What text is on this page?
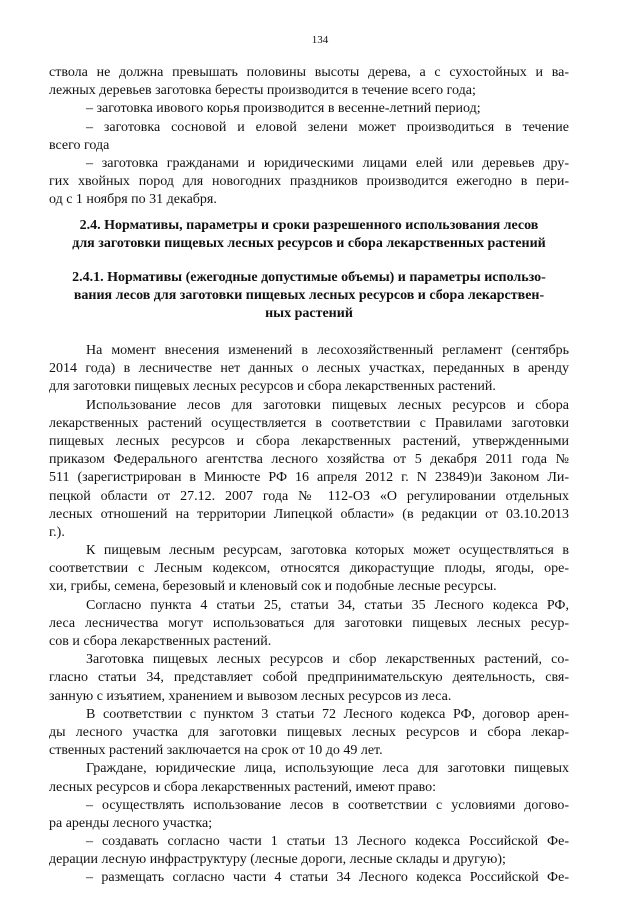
134
ствола не должна превышать половины высоты дерева, а с сухостойных и ва-
лежных деревьев заготовка бересты производится в течение всего года;
– заготовка ивового корья производится в весенне-летний период;
– заготовка сосновой и еловой зелени может производиться в течение
всего года
– заготовка гражданами и юридическими лицами елей или деревьев дру-
гих хвойных пород для новогодних праздников производится ежегодно в пери-
од с 1 ноября по 31 декабря.
2.4. Нормативы, параметры и сроки разрешенного использования лесов
для заготовки пищевых лесных ресурсов и сбора лекарственных растений
2.4.1. Нормативы (ежегодные допустимые объемы) и параметры использо-
вания лесов для заготовки пищевых лесных ресурсов и сбора лекарствен-
ных растений
На момент внесения изменений в лесохозяйственный регламент (сентябрь
2014 года) в лесничестве нет данных о лесных участках, переданных в аренду
для заготовки пищевых лесных ресурсов и сбора лекарственных растений.
Использование лесов для заготовки пищевых лесных ресурсов и сбора
лекарственных растений осуществляется в соответствии с Правилами заготовки
пищевых лесных ресурсов и сбора лекарственных растений, утвержденными
приказом Федерального агентства лесного хозяйства от 5 декабря 2011 года №
511 (зарегистрирован в Минюсте РФ 16 апреля 2012 г. N 23849)и Законом Ли-
пецкой области от 27.12. 2007 года № 112-ОЗ «О регулировании отдельных
лесных отношений на территории Липецкой области» (в редакции от 03.10.2013
г.).
К пищевым лесным ресурсам, заготовка которых может осуществляться в
соответствии с Лесным кодексом, относятся дикорастущие плоды, ягоды, оре-
хи, грибы, семена, березовый и кленовый сок и подобные лесные ресурсы.
Согласно пункта 4 статьи 25, статьи 34, статьи 35 Лесного кодекса РФ,
леса лесничества могут использоваться для заготовки пищевых лесных ресур-
сов и сбора лекарственных растений.
Заготовка пищевых лесных ресурсов и сбор лекарственных растений, со-
гласно статьи 34, представляет собой предпринимательскую деятельность, свя-
занную с изъятием, хранением и вывозом лесных ресурсов из леса.
В соответствии с пунктом 3 статьи 72 Лесного кодекса РФ, договор арен-
ды лесного участка для заготовки пищевых лесных ресурсов и сбора лекар-
ственных растений заключается на срок от 10 до 49 лет.
Граждане, юридические лица, использующие леса для заготовки пищевых
лесных ресурсов и сбора лекарственных растений, имеют право:
– осуществлять использование лесов в соответствии с условиями догово-
ра аренды лесного участка;
– создавать согласно части 1 статьи 13 Лесного кодекса Российской Фе-
дерации лесную инфраструктуру (лесные дороги, лесные склады и другую);
– размещать согласно части 4 статьи 34 Лесного кодекса Российской Фе-
